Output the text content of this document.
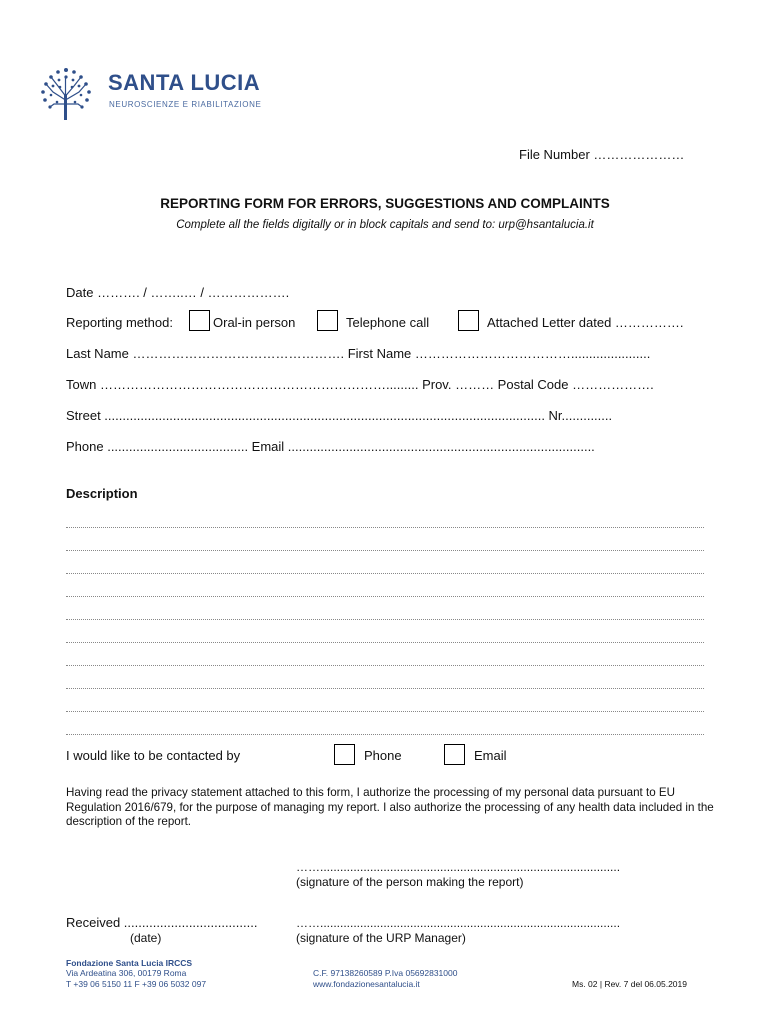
SANTA LUCIA
NEUROSCIENZE E RIABILITAZIONE
File Number …………………
REPORTING FORM FOR ERRORS, SUGGESTIONS AND COMPLAINTS
Complete all the fields digitally or in block capitals and send to: urp@hsantalucia.it
Date ………. / ……..… / ……………….
Reporting method:	Oral-in person	Telephone call	Attached Letter dated …………….
Last Name …………………………………………. First Name ………………………………......................
Town …………………………………………………………......... Prov. ……… Postal Code ……………….
Street .......................................................................................................................... Nr..............
Phone ....................................... Email .....................................................................................
Description
I would like to be contacted by	Phone	Email
Having read the privacy statement attached to this form, I authorize the processing of my personal data pursuant to EU Regulation 2016/679, for the purpose of managing my report. I also authorize the processing of any health data included in the description of the report.
……..........................................................................................
(signature of the person making the report)
Received .....................................
(date)
……..........................................................................................
(signature of the URP Manager)
Fondazione Santa Lucia IRCCS
Via Ardeatina 306, 00179 Roma
T +39 06 5150 11 F +39 06 5032 097
C.F. 97138260589 P.Iva 05692831000
www.fondazionesantalucia.it	Ms. 02 | Rev. 7 del 06.05.2019
